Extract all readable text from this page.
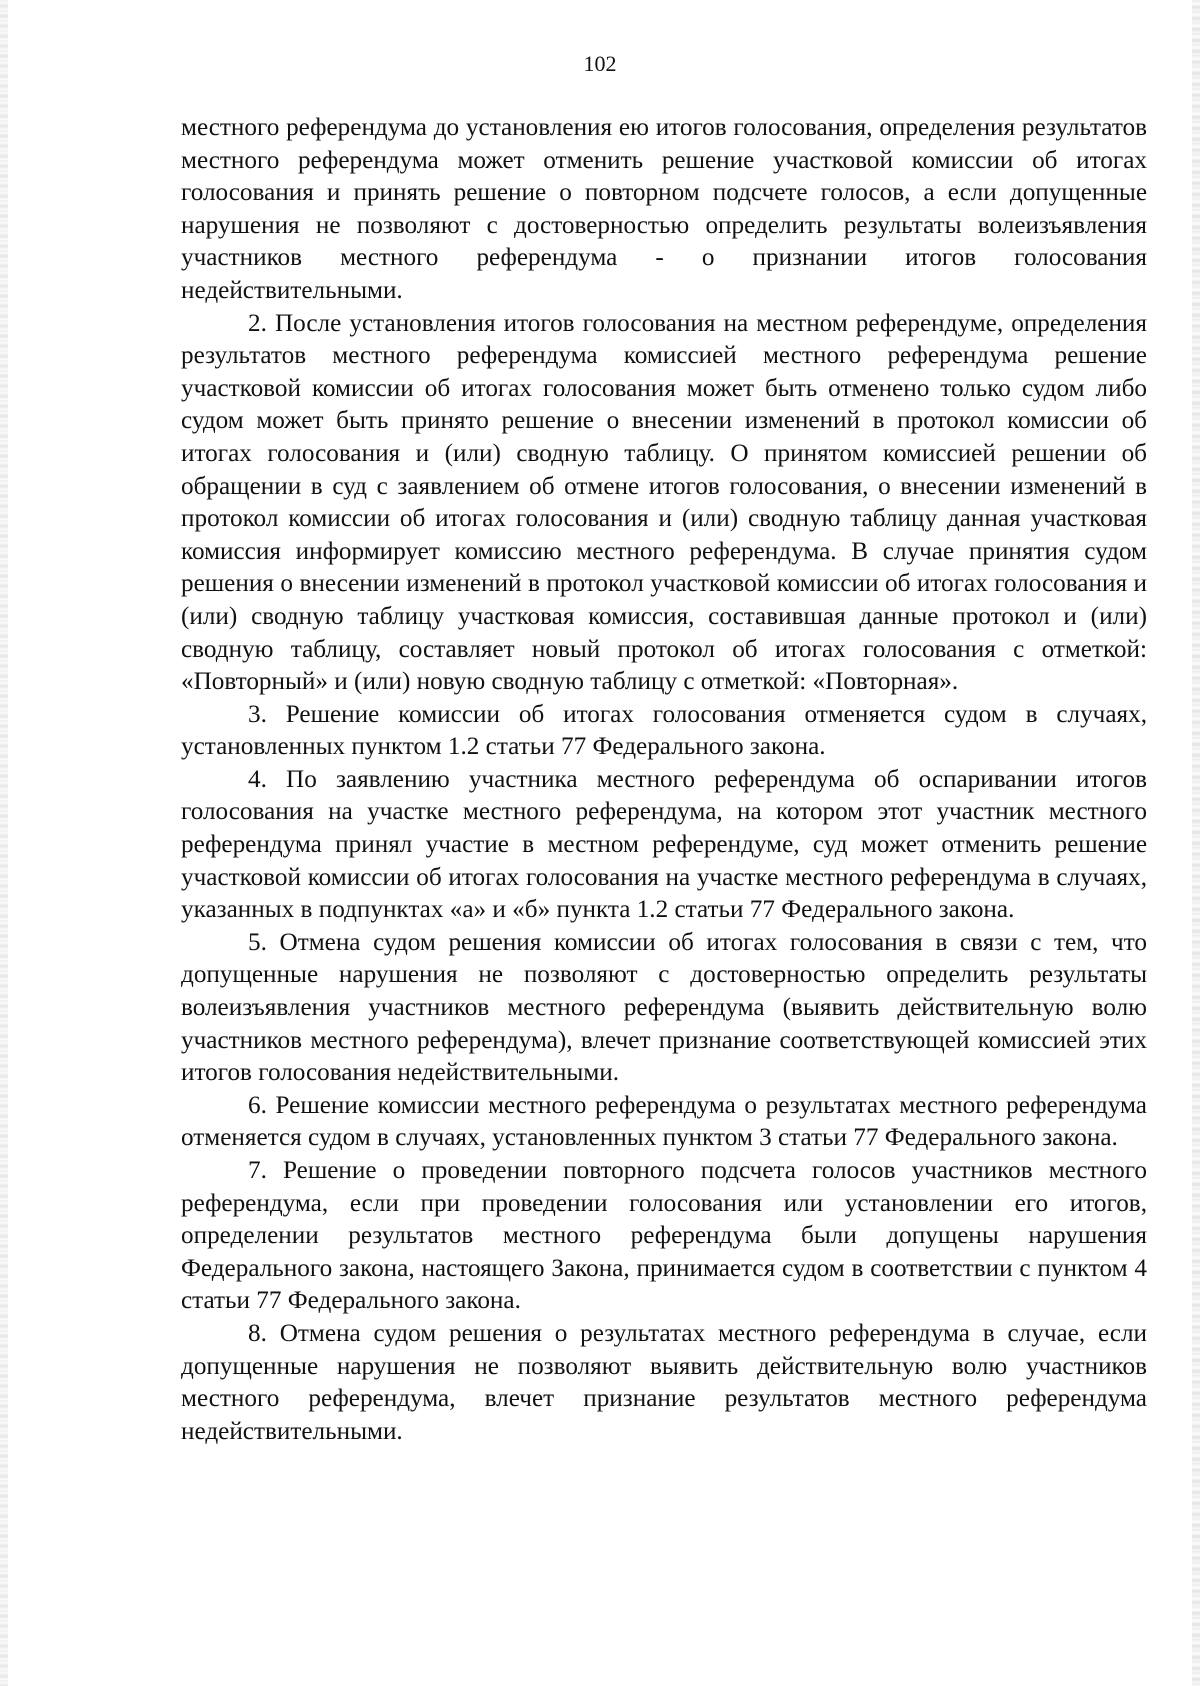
102

местного референдума до установления ею итогов голосования, определения результатов местного референдума может отменить решение участковой комиссии об итогах голосования и принять решение о повторном подсчете голосов, а если допущенные нарушения не позволяют с достоверностью определить результаты волеизъявления участников местного референдума - о признании итогов голосования недействительными.

2. После установления итогов голосования на местном референдуме, определения результатов местного референдума комиссией местного референдума решение участковой комиссии об итогах голосования может быть отменено только судом либо судом может быть принято решение о внесении изменений в протокол комиссии об итогах голосования и (или) сводную таблицу. О принятом комиссией решении об обращении в суд с заявлением об отмене итогов голосования, о внесении изменений в протокол комиссии об итогах голосования и (или) сводную таблицу данная участковая комиссия информирует комиссию местного референдума. В случае принятия судом решения о внесении изменений в протокол участковой комиссии об итогах голосования и (или) сводную таблицу участковая комиссия, составившая данные протокол и (или) сводную таблицу, составляет новый протокол об итогах голосования с отметкой: «Повторный» и (или) новую сводную таблицу с отметкой: «Повторная».

3. Решение комиссии об итогах голосования отменяется судом в случаях, установленных пунктом 1.2 статьи 77 Федерального закона.

4. По заявлению участника местного референдума об оспаривании итогов голосования на участке местного референдума, на котором этот участник местного референдума принял участие в местном референдуме, суд может отменить решение участковой комиссии об итогах голосования на участке местного референдума в случаях, указанных в подпунктах «а» и «б» пункта 1.2 статьи 77 Федерального закона.

5. Отмена судом решения комиссии об итогах голосования в связи с тем, что допущенные нарушения не позволяют с достоверностью определить результаты волеизъявления участников местного референдума (выявить действительную волю участников местного референдума), влечет признание соответствующей комиссией этих итогов голосования недействительными.

6. Решение комиссии местного референдума о результатах местного референдума отменяется судом в случаях, установленных пунктом 3 статьи 77 Федерального закона.

7. Решение о проведении повторного подсчета голосов участников местного референдума, если при проведении голосования или установлении его итогов, определении результатов местного референдума были допущены нарушения Федерального закона, настоящего Закона, принимается судом в соответствии с пунктом 4 статьи 77 Федерального закона.

8. Отмена судом решения о результатах местного референдума в случае, если допущенные нарушения не позволяют выявить действительную волю участников местного референдума, влечет признание результатов местного референдума недействительными.
